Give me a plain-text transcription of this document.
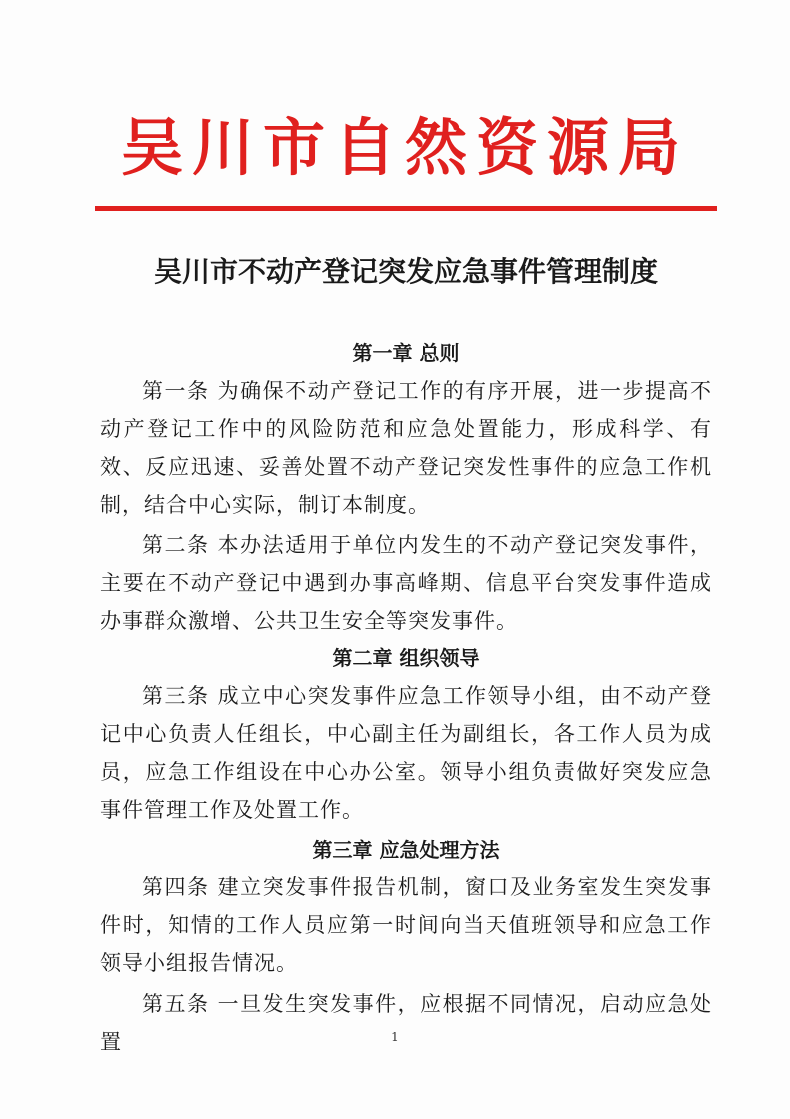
吴川市自然资源局
吴川市不动产登记突发应急事件管理制度
第一章 总则

第一条 为确保不动产登记工作的有序开展，进一步提高不动产登记工作中的风险防范和应急处置能力，形成科学、有效、反应迅速、妥善处置不动产登记突发性事件的应急工作机制，结合中心实际，制订本制度。

第二条 本办法适用于单位内发生的不动产登记突发事件，主要在不动产登记中遇到办事高峰期、信息平台突发事件造成办事群众激增、公共卫生安全等突发事件。

第二章 组织领导

第三条 成立中心突发事件应急工作领导小组，由不动产登记中心负责人任组长，中心副主任为副组长，各工作人员为成员，应急工作组设在中心办公室。领导小组负责做好突发应急事件管理工作及处置工作。

第三章 应急处理方法

第四条 建立突发事件报告机制，窗口及业务室发生突发事件时，知情的工作人员应第一时间向当天值班领导和应急工作领导小组报告情况。

第五条 一旦发生突发事件，应根据不同情况，启动应急处置	1
